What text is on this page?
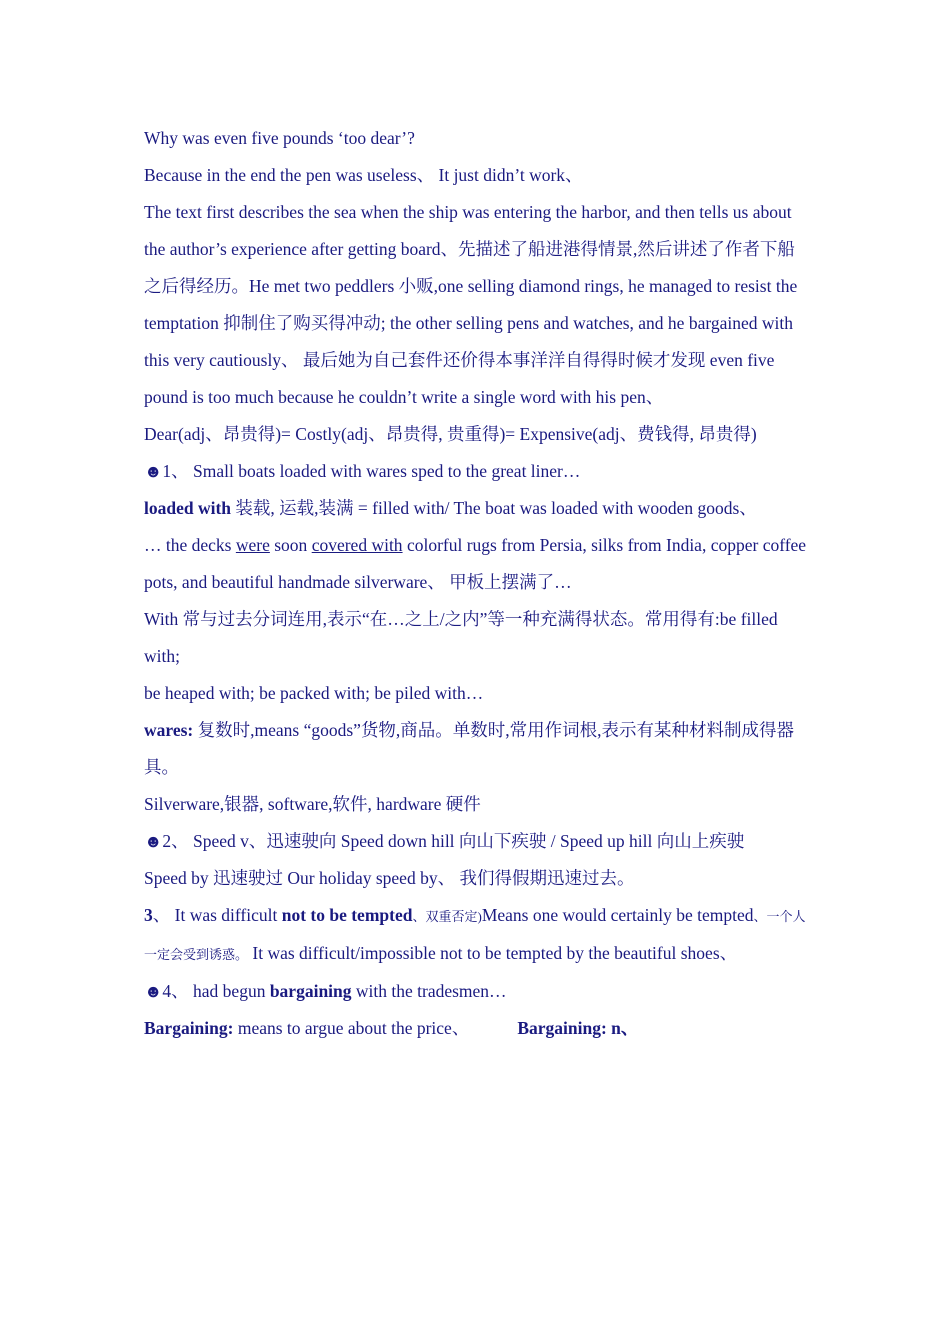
Why was even five pounds ‘too dear’?

Because in the end the pen was useless、 It just didn’t work、

The text first describes the sea when the ship was entering the harbor, and then tells us about the author’s experience after getting board、先描述了船进港得情景,然后讲述了作者下船之后得经历。He met two peddlers 小贩,one selling diamond rings, he managed to resist the temptation 抑制住了购买得冲动; the other selling pens and watches, and he bargained with this very cautiously、 最后她为自己套件还价得本事洋洋自得得时候才发现 even five pound is too much because he couldn’t write a single word with his pen、

Dear(adj、昂贵得)= Costly(adj、昂贵得, 贵重得)= Expensive(adj、费钱得, 昂贵得)

☻1、 Small boats loaded with wares sped to the great liner…

loaded with 装载, 运载,装满 = filled with/ The boat was loaded with wooden goods、

… the decks were soon covered with colorful rugs from Persia, silks from India, copper coffee pots, and beautiful handmade silverware、 甲板上摆满了…

With 常与过去分词连用,表示“在…之上/之内”等一种充满得状态。常用得有:be filled with;

be heaped with; be packed with; be piled with…

wares: 复数时,means “goods”货物,商品。单数时,常用作词根,表示有某种材料制成得器具。

Silverware,银器, software,软件, hardware 硬件

☻2、 Speed v、迅速驶向 Speed down hill 向山下疾驶 / Speed up hill 向山上疾驶

Speed by 迅速驶过 Our holiday speed by、 我们得假期迅速过去。

3、 It was difficult not to be tempted、双重否定)Means one would certainly be tempted、一个人一定会受到诱惑。 It was difficult/impossible not to be tempted by the beautiful shoes、

☻4、 had begun bargaining with the tradesmen…

Bargaining: means to argue about the price、	Bargaining: n、
